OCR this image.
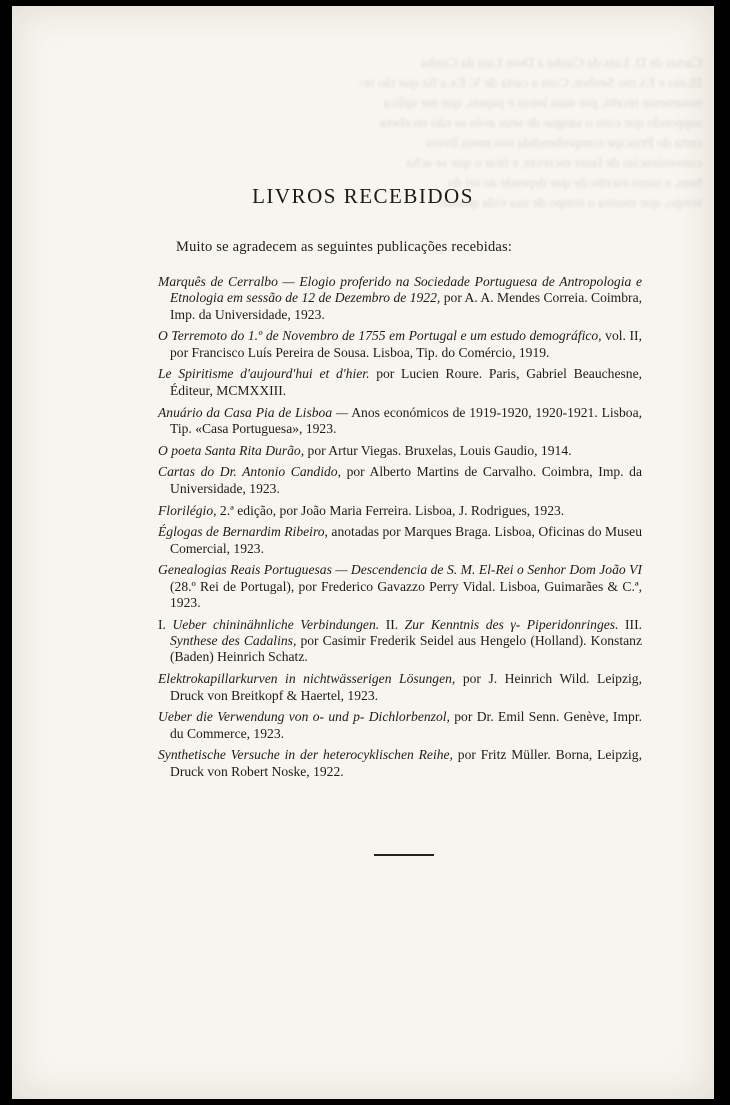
Cartas de D. Luis da Cunha a Dom Luis da Cunha
Ill.mo e Ex.mo Senhor. Com a carta de V. Ex.a fiz que tão re-
nosamente recebi, por suas letras e papeis, que me aplica
suppondo que com o sangue de seus avós se não recebera
certa do Principe comprehendida nos meus livros
conveniencias de fazer escrever, e tirar o que se acha
bem, e outro escrito de que depende ao rei do
tempo, que mostra o tempo de sua vida quando
LIVROS RECEBIDOS
Muito se agradecem as seguintes publicações recebidas:
Marquês de Cerralbo — Elogio proferido na Sociedade Portuguesa de Antropologia e Etnologia em sessão de 12 de Dezembro de 1922, por A. A. Mendes Correia. Coimbra, Imp. da Universidade, 1923.
O Terremoto do 1.º de Novembro de 1755 em Portugal e um estudo demográfico, vol. II, por Francisco Luís Pereira de Sousa. Lisboa, Tip. do Comércio, 1919.
Le Spiritisme d'aujourd'hui et d'hier. por Lucien Roure. Paris, Gabriel Beauchesne, Éditeur, MCMXXIII.
Anuário da Casa Pia de Lisboa — Anos económicos de 1919-1920, 1920-1921. Lisboa, Tip. «Casa Portuguesa», 1923.
O poeta Santa Rita Durão, por Artur Viegas. Bruxelas, Louis Gaudio, 1914.
Cartas do Dr. Antonio Candido, por Alberto Martins de Carvalho. Coimbra, Imp. da Universidade, 1923.
Florilégio, 2.ª edição, por João Maria Ferreira. Lisboa, J. Rodrigues, 1923.
Églogas de Bernardim Ribeiro, anotadas por Marques Braga. Lisboa, Oficinas do Museu Comercial, 1923.
Genealogias Reais Portuguesas — Descendencia de S. M. El-Rei o Senhor Dom João VI (28.º Rei de Portugal), por Frederico Gavazzo Perry Vidal. Lisboa, Guimarães & C.ª, 1923.
I. Ueber chininähnliche Verbindungen. II. Zur Kenntnis des γ- Piperidonringes. III. Synthese des Cadalins, por Casimir Frederik Seidel aus Hengelo (Holland). Konstanz (Baden) Heinrich Schatz.
Elektrokapillarkurven in nichtwässerigen Lösungen, por J. Heinrich Wild. Leipzig, Druck von Breitkopf & Haertel, 1923.
Ueber die Verwendung von o- und p- Dichlorbenzol, por Dr. Emil Senn. Genève, Impr. du Commerce, 1923.
Synthetische Versuche in der heterocyklischen Reihe, por Fritz Müller. Borna, Leipzig, Druck von Robert Noske, 1922.
